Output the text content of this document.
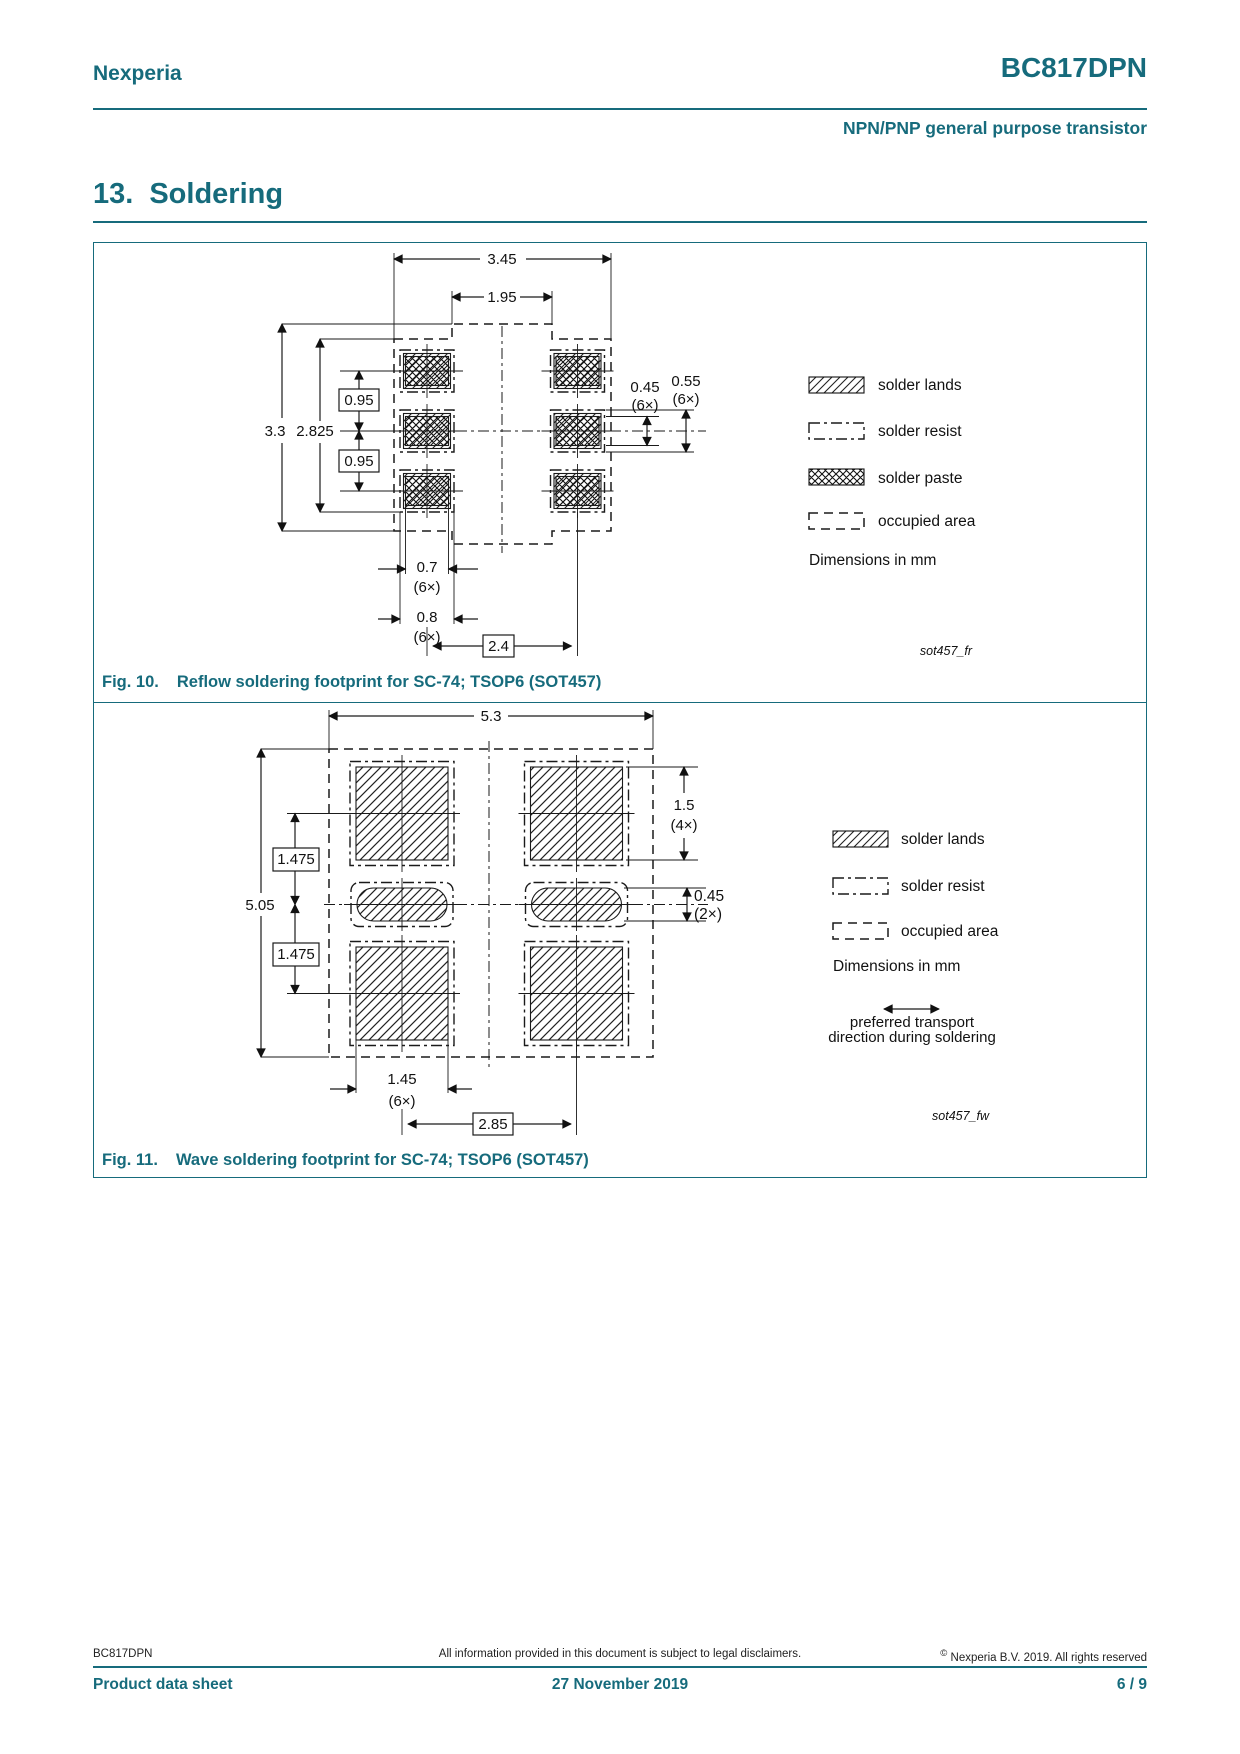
Nexperia	BC817DPN
NPN/PNP general purpose transistor
13. Soldering
3.45
1.95
3.3 2.825
0.95
0.95
0.45
(6×)
0.55
(6×)
0.7
(6×)
0.8
(6×)
2.4
solder lands
solder resist
solder paste
occupied area
Dimensions in mm
sot457_fr
Fig. 10. Reflow soldering footprint for SC-74; TSOP6 (SOT457)
5.3
5.05
1.475
1.475
1.5
(4×)
0.45
(2×)
1.45
(6×)
2.85
solder lands
solder resist
occupied area
Dimensions in mm
preferred transport
direction during soldering
sot457_fw
Fig. 11. Wave soldering footprint for SC-74; TSOP6 (SOT457)
BC817DPN	All information provided in this document is subject to legal disclaimers.	© Nexperia B.V. 2019. All rights reserved
Product data sheet	27 November 2019	6 / 9
